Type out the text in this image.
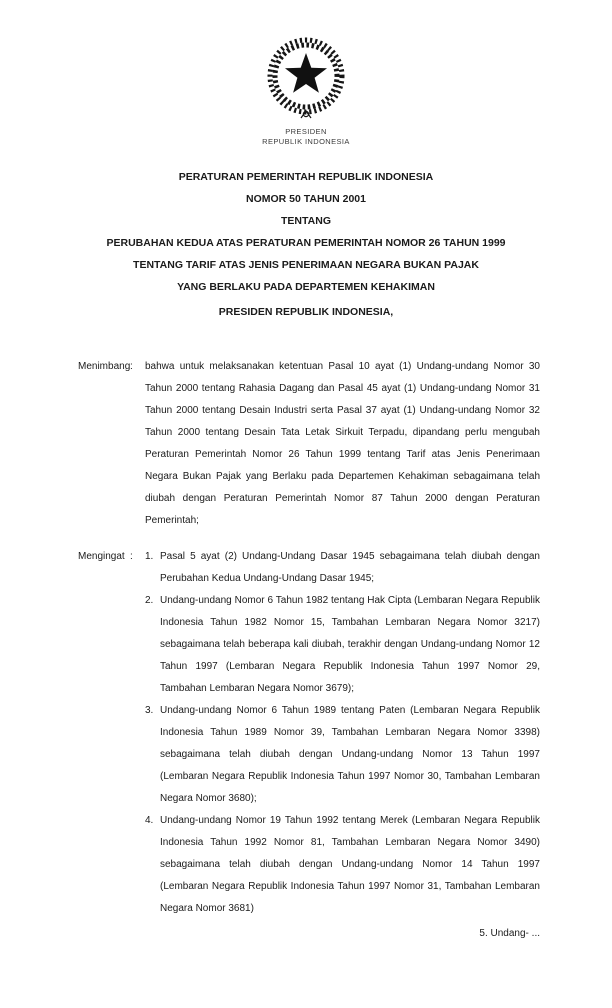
PRESIDEN
REPUBLIK INDONESIA
PERATURAN PEMERINTAH REPUBLIK INDONESIA
NOMOR 50 TAHUN 2001
TENTANG
PERUBAHAN KEDUA ATAS PERATURAN PEMERINTAH NOMOR 26 TAHUN 1999
TENTANG TARIF ATAS JENIS PENERIMAAN NEGARA BUKAN PAJAK
YANG BERLAKU PADA DEPARTEMEN KEHAKIMAN
PRESIDEN REPUBLIK INDONESIA,
Menimbang :	bahwa untuk melaksanakan ketentuan Pasal 10 ayat (1) Undang-undang Nomor 30 Tahun 2000 tentang Rahasia Dagang dan Pasal 45 ayat (1) Undang-undang Nomor 31 Tahun 2000 tentang Desain Industri serta Pasal 37 ayat (1) Undang-undang Nomor 32 Tahun 2000 tentang Desain Tata Letak Sirkuit Terpadu, dipandang perlu mengubah Peraturan Pemerintah Nomor 26 Tahun 1999 tentang Tarif atas Jenis Penerimaan Negara Bukan Pajak yang Berlaku pada Departemen Kehakiman sebagaimana telah diubah dengan Peraturan Pemerintah Nomor 87 Tahun 2000 dengan Peraturan Pemerintah;
Mengingat :	1. Pasal 5 ayat (2) Undang-Undang Dasar 1945 sebagaimana telah diubah dengan Perubahan Kedua Undang-Undang Dasar 1945;
2. Undang-undang Nomor 6 Tahun 1982 tentang Hak Cipta (Lembaran Negara Republik Indonesia Tahun 1982 Nomor 15, Tambahan Lembaran Negara Nomor 3217) sebagaimana telah beberapa kali diubah, terakhir dengan Undang-undang Nomor 12 Tahun 1997 (Lembaran Negara Republik Indonesia Tahun 1997 Nomor 29, Tambahan Lembaran Negara Nomor 3679);
3. Undang-undang Nomor 6 Tahun 1989 tentang Paten (Lembaran Negara Republik Indonesia Tahun 1989 Nomor 39, Tambahan Lembaran Negara Nomor 3398) sebagaimana telah diubah dengan Undang-undang Nomor 13 Tahun 1997 (Lembaran Negara Republik Indonesia Tahun 1997 Nomor 30, Tambahan Lembaran Negara Nomor 3680);
4. Undang-undang Nomor 19 Tahun 1992 tentang Merek (Lembaran Negara Republik Indonesia Tahun 1992 Nomor 81, Tambahan Lembaran Negara Nomor 3490) sebagaimana telah diubah dengan Undang-undang Nomor 14 Tahun 1997 (Lembaran Negara Republik Indonesia Tahun 1997 Nomor 31, Tambahan Lembaran Negara Nomor 3681)
5. Undang- ...
